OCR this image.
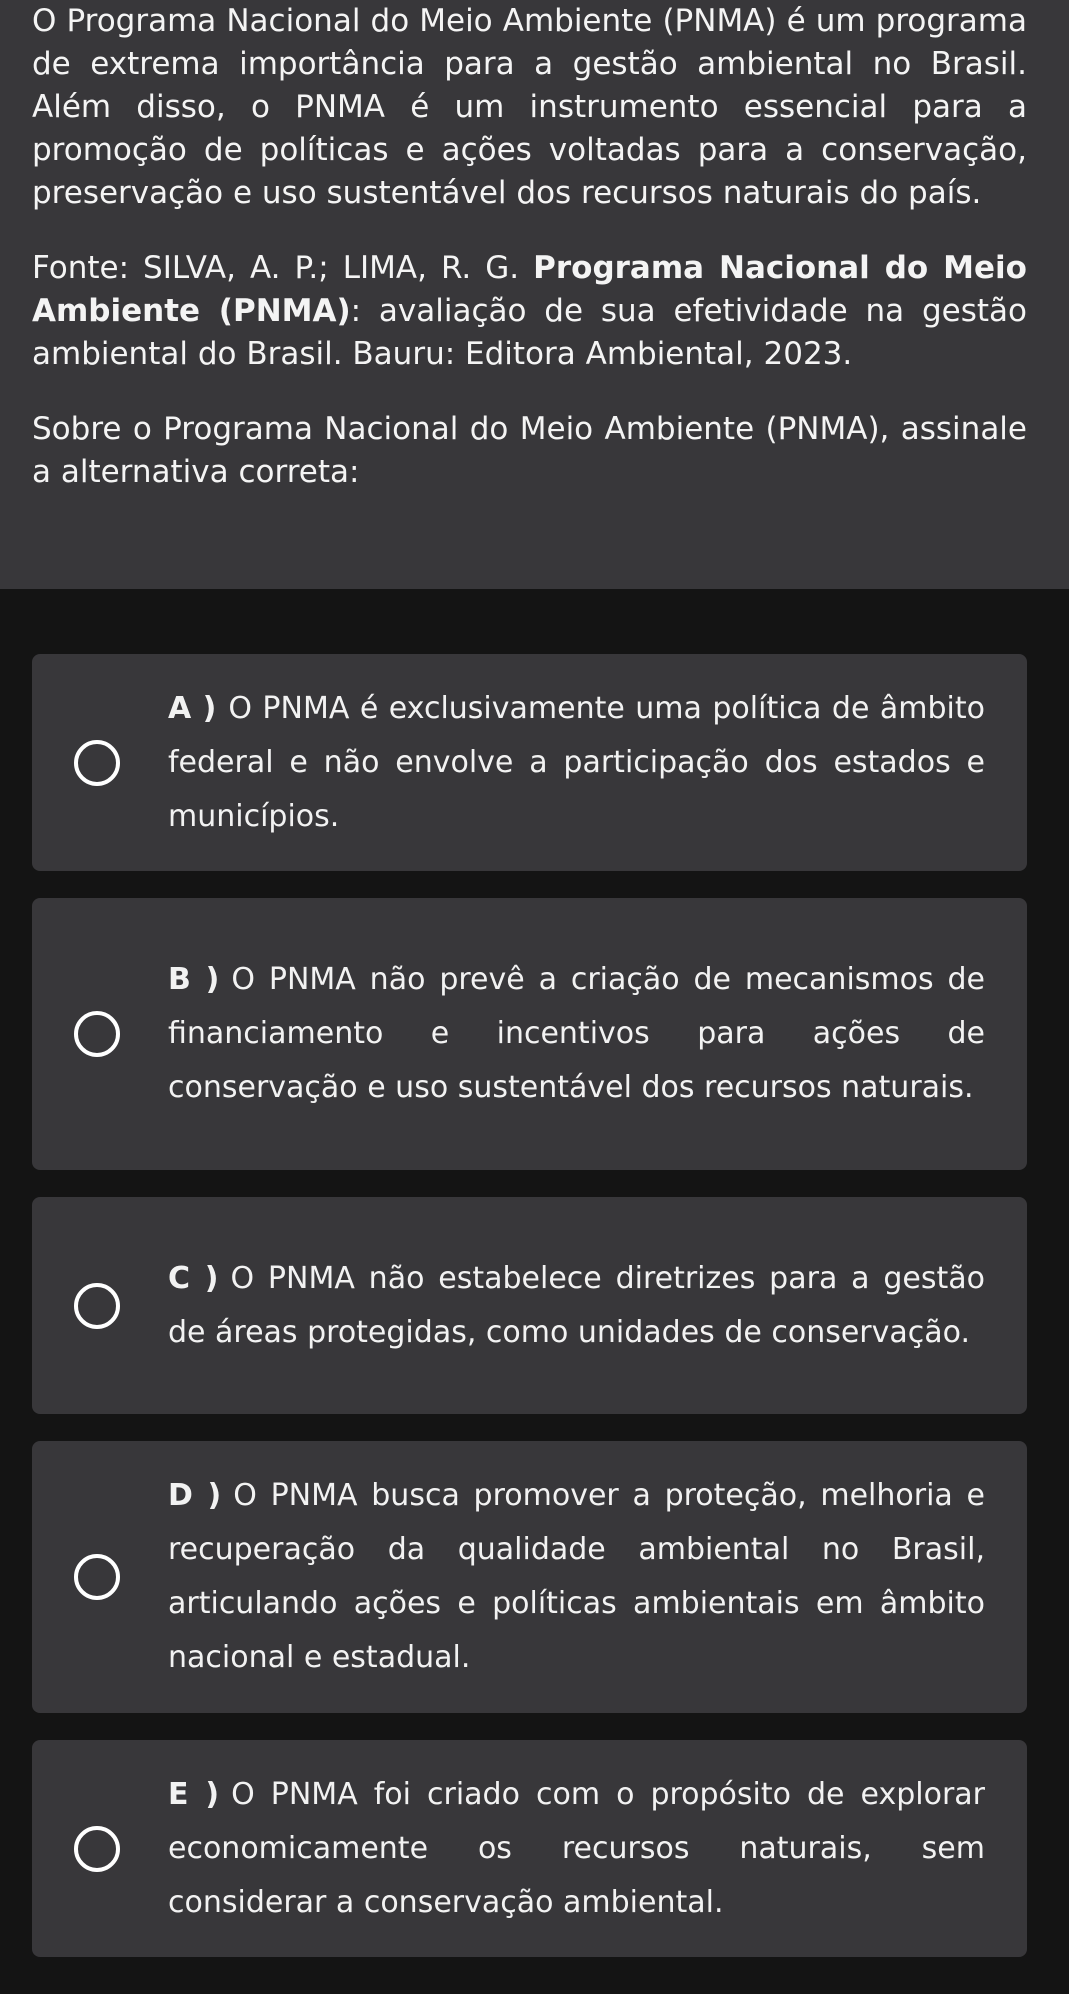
O Programa Nacional do Meio Ambiente (PNMA) é um programa de extrema importância para a gestão ambiental no Brasil. Além disso, o PNMA é um instrumento essencial para a promoção de políticas e ações voltadas para a conservação, preservação e uso sustentável dos recursos naturais do país.

Fonte: SILVA, A. P.; LIMA, R. G. Programa Nacional do Meio Ambiente (PNMA): avaliação de sua efetividade na gestão ambiental do Brasil. Bauru: Editora Ambiental, 2023.

Sobre o Programa Nacional do Meio Ambiente (PNMA), assinale a alternativa correta:

A ) O PNMA é exclusivamente uma política de âmbito federal e não envolve a participação dos estados e municípios.
B ) O PNMA não prevê a criação de mecanismos de financiamento e incentivos para ações de conservação e uso sustentável dos recursos naturais.
C ) O PNMA não estabelece diretrizes para a gestão de áreas protegidas, como unidades de conservação.
D ) O PNMA busca promover a proteção, melhoria e recuperação da qualidade ambiental no Brasil, articulando ações e políticas ambientais em âmbito nacional e estadual.
E ) O PNMA foi criado com o propósito de explorar economicamente os recursos naturais, sem considerar a conservação ambiental.
